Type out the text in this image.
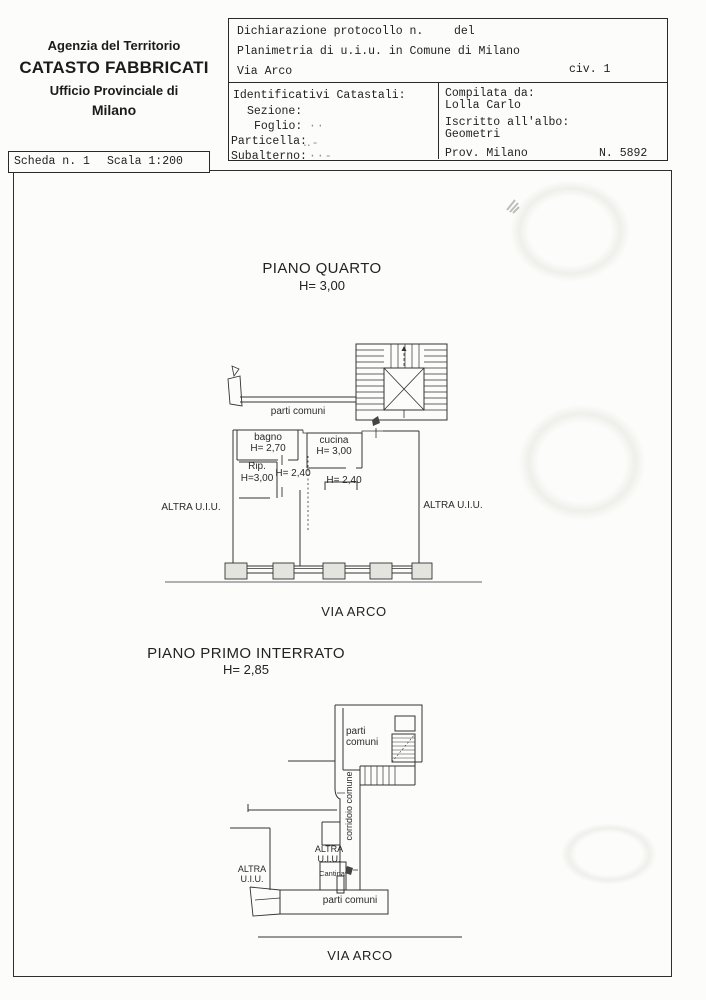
Agenzia del Territorio
CATASTO FABBRICATI
Ufficio Provinciale di
Milano
Dichiarazione protocollo n.	del
Planimetria di u.i.u. in Comune di Milano
Via Arco	civ. 1
Identificativi Catastali:
Sezione:
Foglio: ··
Particella:
Subalterno:
‥-
··-
Compilata da:
Lolla Carlo
Iscritto all'albo:
Geometri
Prov. Milano	N. 5892
Scheda n. 1 Scala 1:200
PIANO QUARTO
H= 3,00
parti comuni
bagno
H= 2,70
cucina
H= 3,00
Rip.
H=3,00 H= 2,40
H= 2,40
ALTRA U.I.U.	ALTRA U.I.U.
VIA ARCO
PIANO PRIMO INTERRATO
H= 2,85
parti comuni
corridoio comune
ALTRA U.I.U.
ALTRA U.I.U.
Cantina
parti comuni
VIA ARCO
